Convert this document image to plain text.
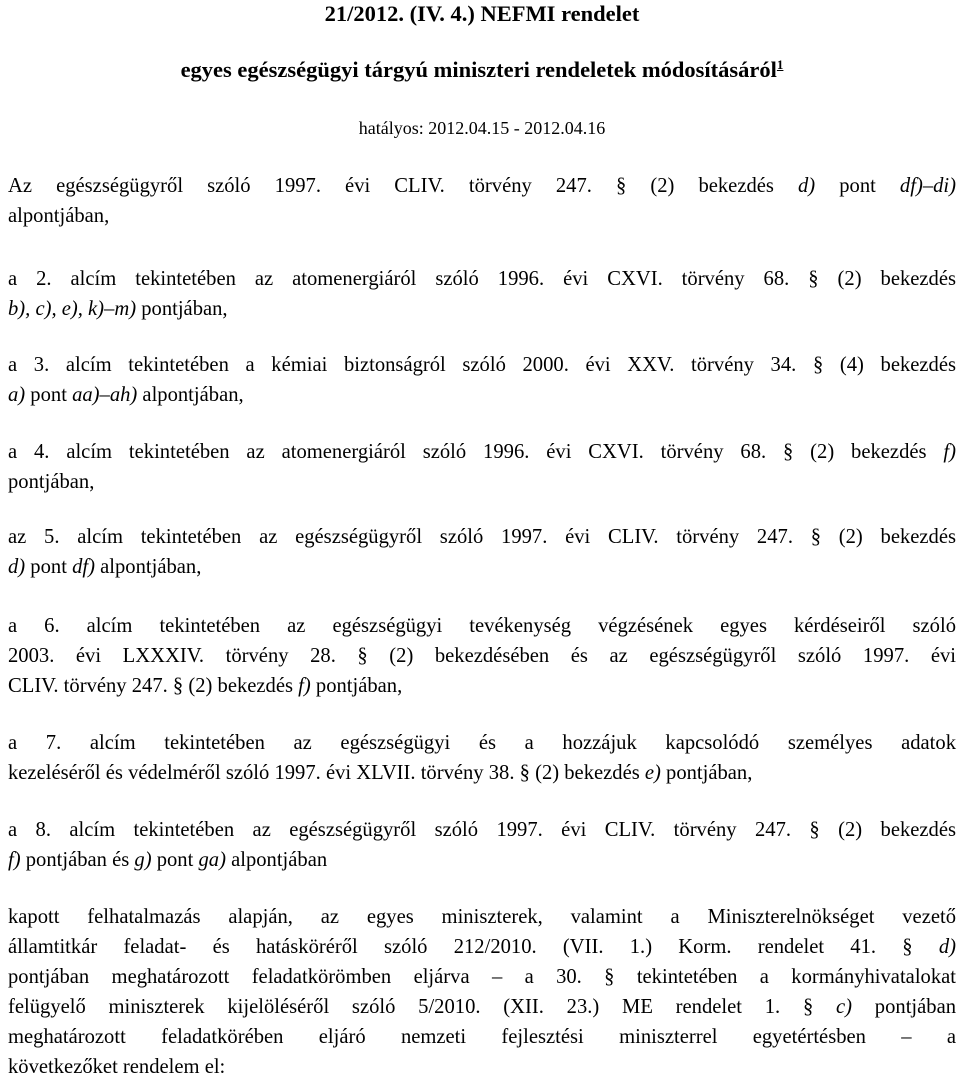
21/2012. (IV. 4.) NEFMI rendelet
egyes egészségügyi tárgyú miniszteri rendeletek módosításáról$^1$
hatályos: 2012.04.15 - 2012.04.16
Az egészségügyről szóló 1997. évi CLIV. törvény 247. § (2) bekezdés d) pont df)–di)
alpontjában,
a 2. alcím tekintetében az atomenergiáról szóló 1996. évi CXVI. törvény 68. § (2) bekezdés
b), c), e), k)–m) pontjában,
a 3. alcím tekintetében a kémiai biztonságról szóló 2000. évi XXV. törvény 34. § (4) bekezdés
a) pont aa)–ah) alpontjában,
a 4. alcím tekintetében az atomenergiáról szóló 1996. évi CXVI. törvény 68. § (2) bekezdés f)
pontjában,
az 5. alcím tekintetében az egészségügyről szóló 1997. évi CLIV. törvény 247. § (2) bekezdés
d) pont df) alpontjában,
a 6. alcím tekintetében az egészségügyi tevékenység végzésének egyes kérdéseiről szóló
2003. évi LXXXIV. törvény 28. § (2) bekezdésében és az egészségügyről szóló 1997. évi
CLIV. törvény 247. § (2) bekezdés f) pontjában,
a 7. alcím tekintetében az egészségügyi és a hozzájuk kapcsolódó személyes adatok
kezeléséről és védelméről szóló 1997. évi XLVII. törvény 38. § (2) bekezdés e) pontjában,
a 8. alcím tekintetében az egészségügyről szóló 1997. évi CLIV. törvény 247. § (2) bekezdés
f) pontjában és g) pont ga) alpontjában
kapott felhatalmazás alapján, az egyes miniszterek, valamint a Miniszterelnökséget vezető
államtitkár feladat- és hatásköréről szóló 212/2010. (VII. 1.) Korm. rendelet 41. § d)
pontjában meghatározott feladatkörömben eljárva – a 30. § tekintetében a kormányhivatalokat
felügyelő miniszterek kijelöléséről szóló 5/2010. (XII. 23.) ME rendelet 1. § c) pontjában
meghatározott feladatkörében eljáró nemzeti fejlesztési miniszterrel egyetértésben – a
következőket rendelem el:
